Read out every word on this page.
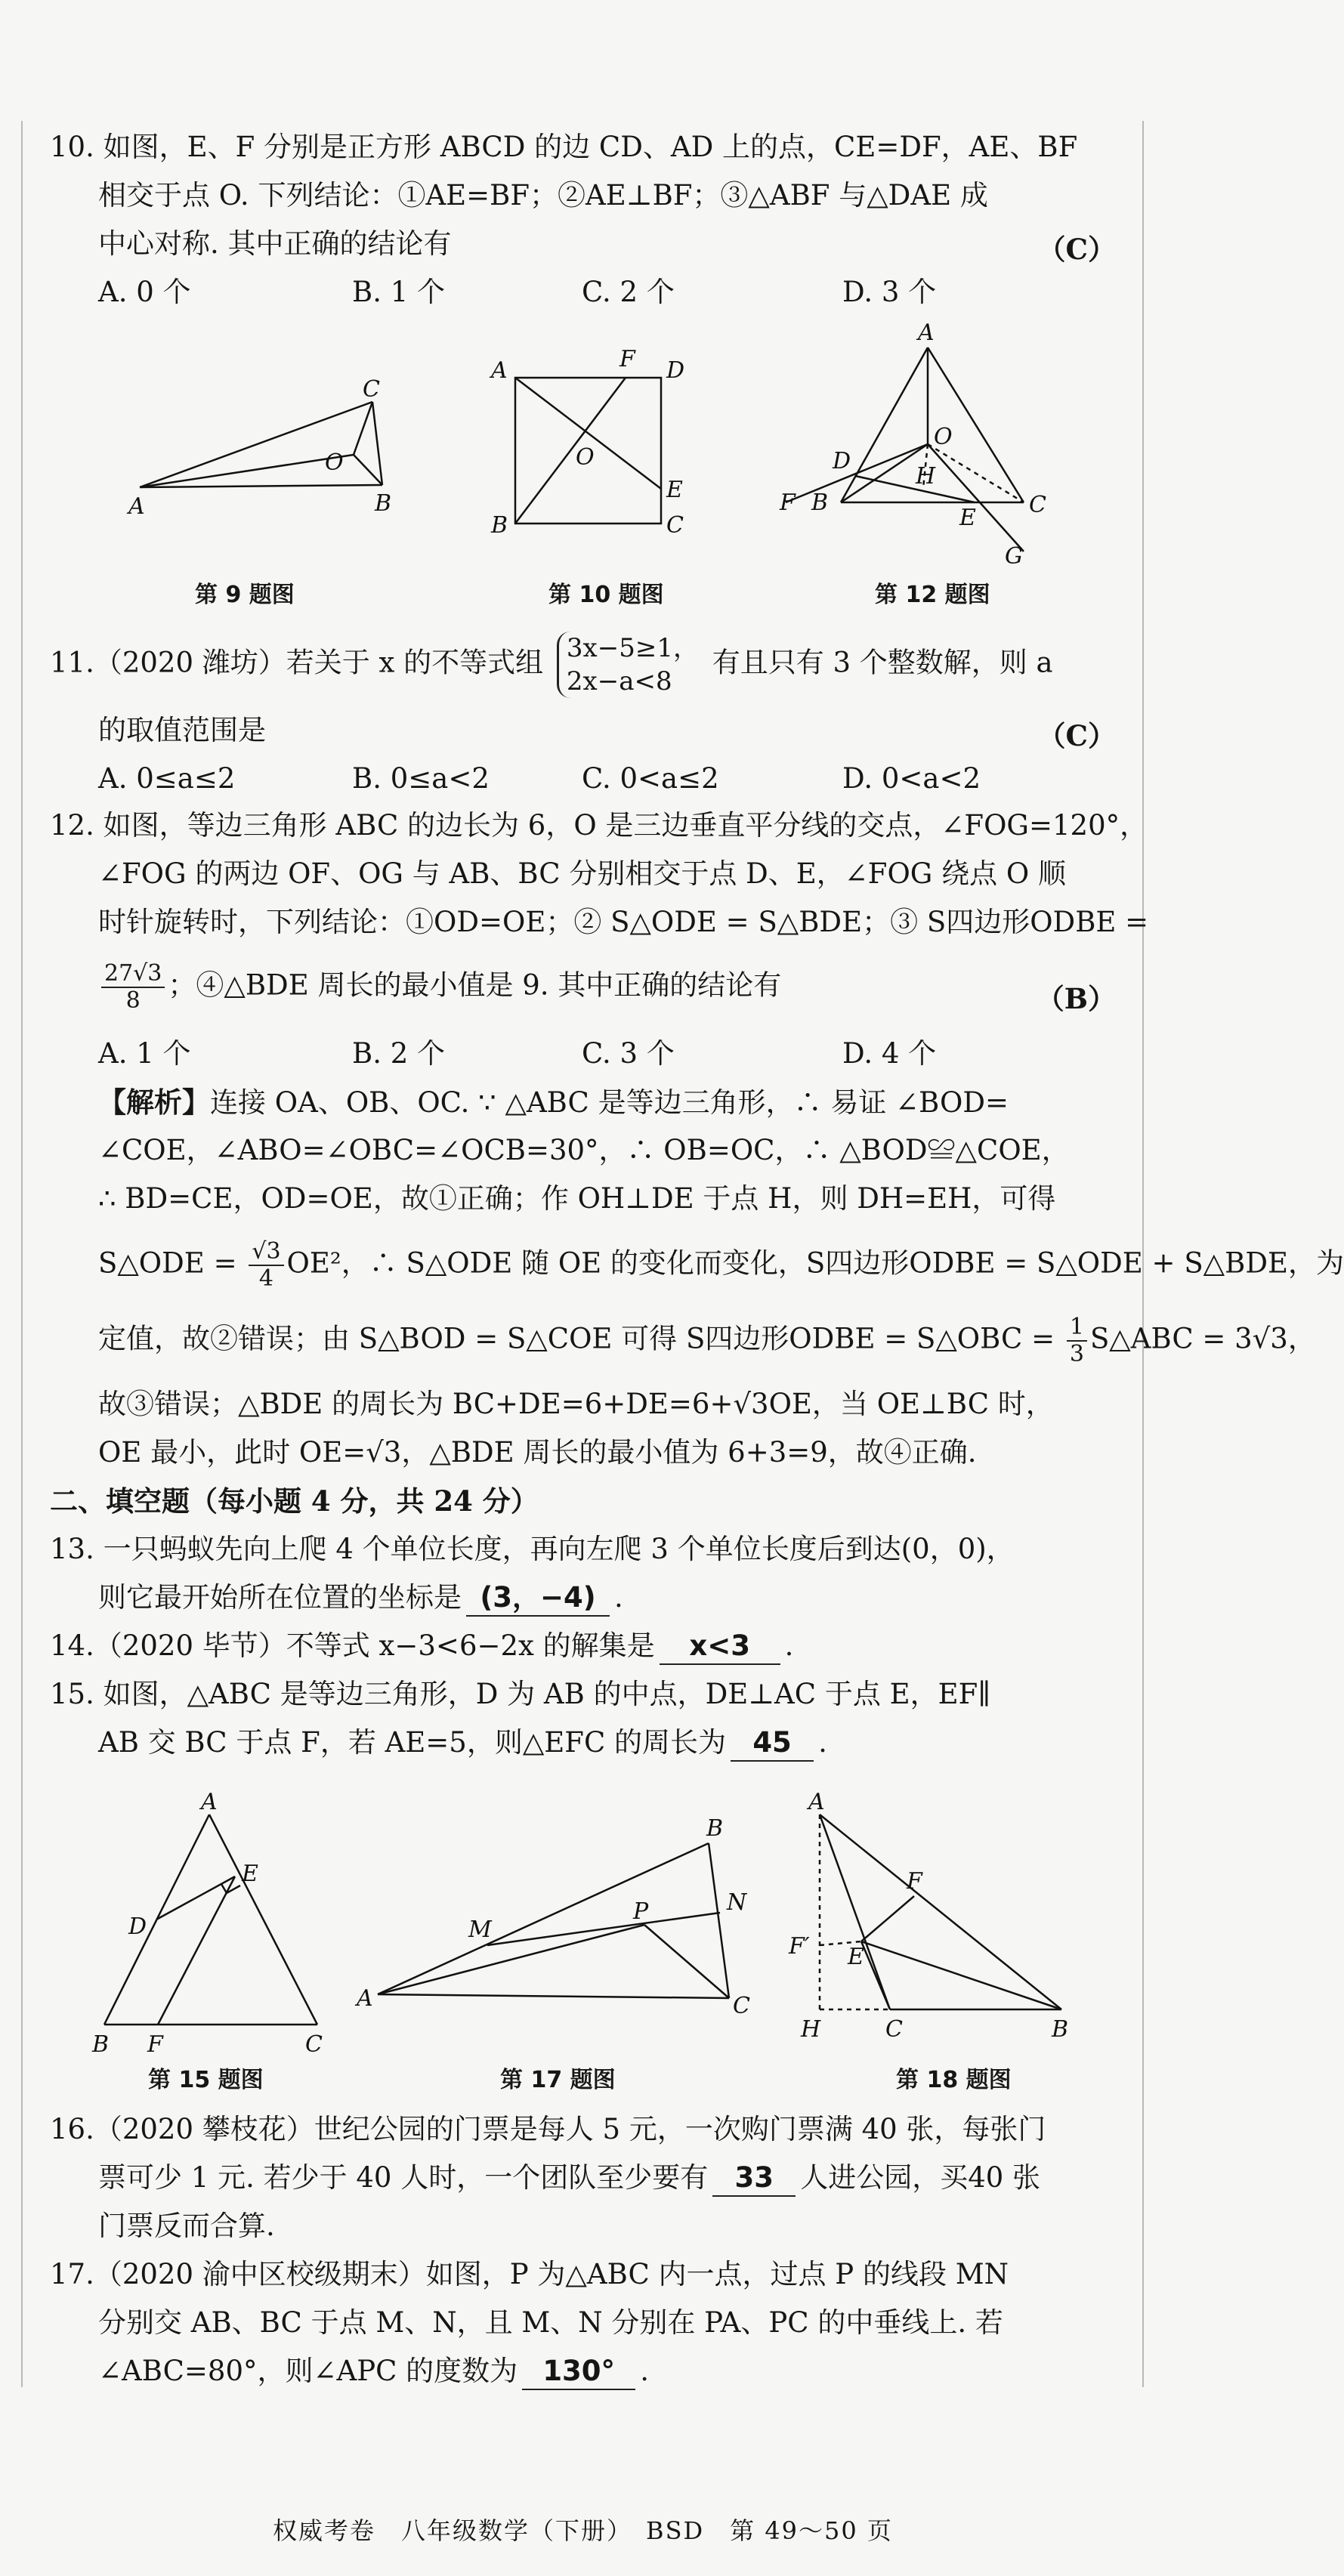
10. 如图，E、F 分别是正方形 ABCD 的边 CD、AD 上的点，CE=DF，AE、BF
相交于点 O. 下列结论：①AE=BF；②AE⊥BF；③△ABF 与△DAE 成
中心对称. 其中正确的结论有	（C）
A. 0 个	B. 1 个	C. 2 个	D. 3 个
C
O
A	B
A	F D
O
E
B	C
A
D
O
H
F B
E C
G
第 9 题图	第 10 题图	第 12 题图
11.（2020 潍坊）若关于 x 的不等式组 3x−5≥1，
2x−a<8
有且只有 3 个整数解，则 a
的取值范围是	（C）
A. 0≤a≤2	B. 0≤a<2	C. 0<a≤2	D. 0<a<2
12. 如图，等边三角形 ABC 的边长为 6，O 是三边垂直平分线的交点，∠FOG=120°，
∠FOG 的两边 OF、OG 与 AB、BC 分别相交于点 D、E，∠FOG 绕点 O 顺
时针旋转时，下列结论：①OD=OE；② S△ODE = S△BDE；③ S四边形ODBE =
$\frac{27√3}{8}$ ；④△BDE 周长的最小值是 9. 其中正确的结论有	（B）
A. 1 个	B. 2 个	C. 3 个	D. 4 个
【解析】连接 OA、OB、OC. ∵ △ABC 是等边三角形，∴ 易证 ∠BOD=
∠COE，∠ABO=∠OBC=∠OCB=30°，∴ OB=OC，∴ △BOD≌△COE，
∴ BD=CE，OD=OE，故①正确；作 OH⊥DE 于点 H，则 DH=EH，可得
S△ODE = $\frac{√3}{4} OE^2$，∴ S△ODE 随 OE 的变化而变化，S四边形ODBE = S△ODE + S△BDE，为
定值，故②错误；由 S△BOD = S△COE 可得 S四边形ODBE = S△OBC = $\frac{1}{3}$ S△ABC = 3√3，
故③错误；△BDE 的周长为 BC+DE=6+DE=6+√3OE，当 OE⊥BC 时，
OE 最小，此时 OE=√3，△BDE 周长的最小值为 6+3=9，故④正确.
二、填空题（每小题 4 分，共 24 分）
13. 一只蚂蚁先向上爬 4 个单位长度，再向左爬 3 个单位长度后到达(0，0)，
则它最开始所在位置的坐标是 (3，−4) .
14.（2020 毕节）不等式 x−3<6−2x 的解集是 x<3 .
15. 如图，△ABC 是等边三角形，D 为 AB 的中点，DE⊥AC 于点 E，EF∥
AB 交 BC 于点 F，若 AE=5，则△EFC 的周长为 45 .
A
E
D
B F	C
B
M
P	N
A	C
A
F
F′ E
H	C	B
第 15 题图	第 17 题图	第 18 题图
16.（2020 攀枝花）世纪公园的门票是每人 5 元，一次购门票满 40 张，每张门
票可少 1 元. 若少于 40 人时，一个团队至少要有 33 人进公园，买40 张
门票反而合算.
17.（2020 渝中区校级期末）如图，P 为△ABC 内一点，过点 P 的线段 MN
分别交 AB、BC 于点 M、N，且 M、N 分别在 PA、PC 的中垂线上. 若
∠ABC=80°，则∠APC 的度数为 130° .
权威考卷　八年级数学（下册）　BSD　第 49～50 页
